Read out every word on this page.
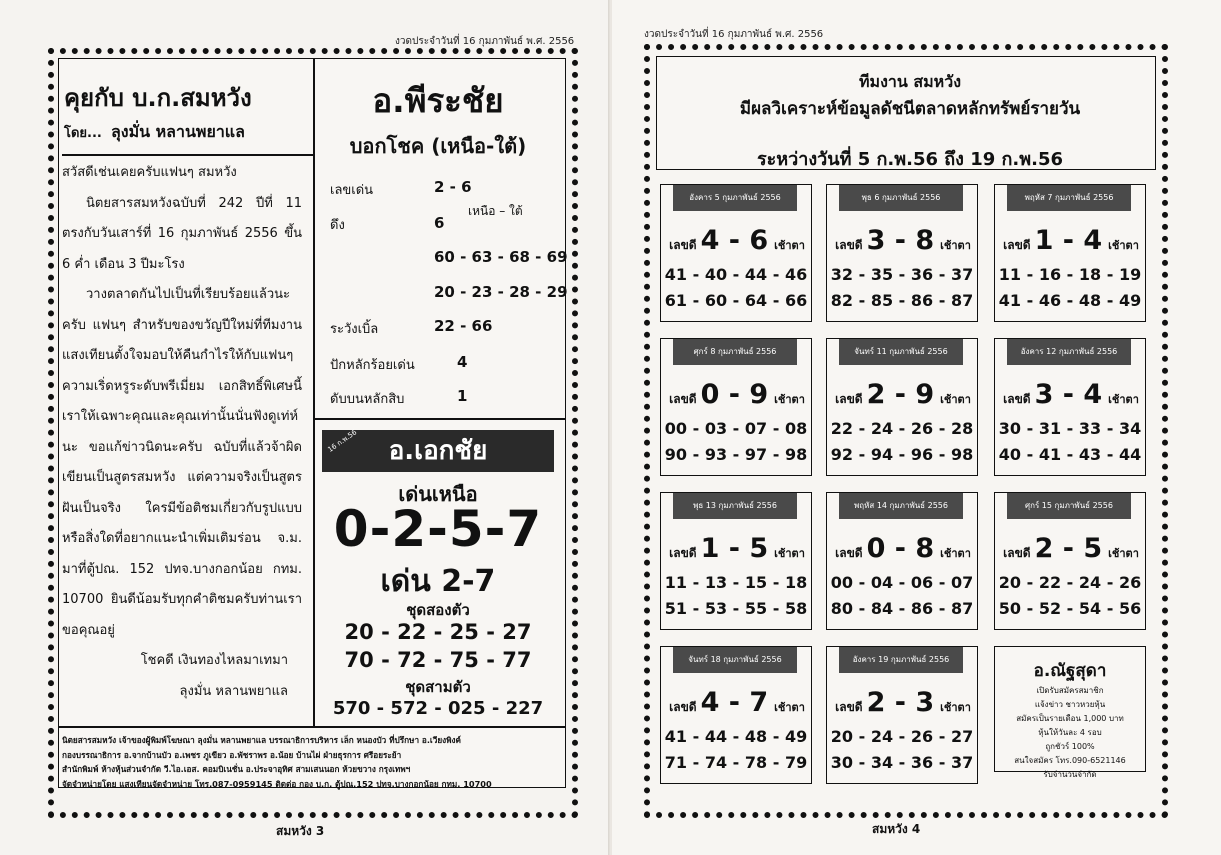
งวดประจำวันที่ 16 กุมภาพันธ์ พ.ศ. 2556
คุยกับ บ.ก.สมหวัง
โดย... ลุงมั่น หลานพยาแล
สวัสดีเช่นเคยครับแฟนๆ สมหวัง

นิตยสารสมหวังฉบับที่ 242 ปีที่ 11 ตรงกับวันเสาร์ที่ 16 กุมภาพันธ์ 2556 ขึ้น 6 ค่ำ เดือน 3 ปีมะโรง

วางตลาดกันไปเป็นที่เรียบร้อยแล้วนะครับ แฟนๆ สำหรับของขวัญปีใหม่ที่ทีมงานแสงเทียนตั้งใจมอบให้คืนกำไรให้กับแฟนๆ ความเริ่ดหรูระดับพรีเมี่ยม เอกสิทธิ์พิเศษนี้เราให้เฉพาะคุณและคุณเท่านั้นนั่นฟังดูเท่ห์นะ ขอแก้ข่าวนิดนะครับ ฉบับที่แล้วจ้าผิดเขียนเป็นสูตรสมหวัง แต่ความจริงเป็นสูตรฝันเป็นจริง ใครมีข้อติชมเกี่ยวกับรูปแบบหรือสิ่งใดที่อยากแนะนำเพิ่มเติมร่อน จ.ม. มาที่ตู้ปณ. 152 ปทจ.บางกอกน้อย กทม. 10700 ยินดีน้อมรับทุกคำติชมครับท่านเราขอคุณอยู่

โชคดี เงินทองไหลมาเทมา
ลุงมั่น หลานพยาแล
อ.พีระชัย
บอกโชค (เหนือ-ใต้)
เลขเด่น	2 - 6
เหนือ – ใต้
ดึง	6
60 - 63 - 68 - 69
20 - 23 - 28 - 29
ระวังเบิ้ล	22 - 66
ปักหลักร้อยเด่น	4
ดับบนหลักสิบ	1
อ.เอกชัย
16 ก.พ.56
เด่นเหนือ
0-2-5-7
เด่น 2-7
ชุดสองตัว
20 - 22 - 25 - 27
70 - 72 - 75 - 77
ชุดสามตัว
570 - 572 - 025 - 227
นิตยสารสมหวัง เจ้าของผู้พิมพ์โฆษณา ลุงมั่น หลานพยาแล บรรณาธิการบริหาร เล็ก หนองบัว ที่ปรึกษา อ.เวียงพิงค์
กองบรรณาธิการ อ.จากบ้านบัว อ.เพชร ภูเขียว อ.พัชราพร อ.น้อย บ้านไผ่ ฝ่ายธุรการ ศรีอยระย้า
สำนักพิมพ์ ห้างหุ้นส่วนจำกัด วี.ไอ.เอส. คอมบิเนชั่น อ.ประจาอุทิศ สามเสนนอก ห้วยขวาง กรุงเทพฯ
จัดจำหน่ายโดย แสงเทียนจัดจำหน่าย โทร.087-0959145 ติดต่อ กอง บ.ก. ตู้ปณ.152 ปทจ.บางกอกน้อย กทม. 10700
สมหวัง 3
งวดประจำวันที่ 16 กุมภาพันธ์ พ.ศ. 2556
ทีมงาน สมหวัง
มีผลวิเคราะห์ข้อมูลดัชนีตลาดหลักทรัพย์รายวัน
ระหว่างวันที่ 5 ก.พ.56 ถึง 19 ก.พ.56
อังคาร 5 กุมภาพันธ์ 2556
เลขดี 4 - 6 เช้าตา
41 - 40 - 44 - 46
61 - 60 - 64 - 66
พุธ 6 กุมภาพันธ์ 2556
เลขดี 3 - 8 เช้าตา
32 - 35 - 36 - 37
82 - 85 - 86 - 87
พฤหัส 7 กุมภาพันธ์ 2556
เลขดี 1 - 4 เช้าตา
11 - 16 - 18 - 19
41 - 46 - 48 - 49
ศุกร์ 8 กุมภาพันธ์ 2556
เลขดี 0 - 9 เช้าตา
00 - 03 - 07 - 08
90 - 93 - 97 - 98
จันทร์ 11 กุมภาพันธ์ 2556
เลขดี 2 - 9 เช้าตา
22 - 24 - 26 - 28
92 - 94 - 96 - 98
อังคาร 12 กุมภาพันธ์ 2556
เลขดี 3 - 4 เช้าตา
30 - 31 - 33 - 34
40 - 41 - 43 - 44
พุธ 13 กุมภาพันธ์ 2556
เลขดี 1 - 5 เช้าตา
11 - 13 - 15 - 18
51 - 53 - 55 - 58
พฤหัส 14 กุมภาพันธ์ 2556
เลขดี 0 - 8 เช้าตา
00 - 04 - 06 - 07
80 - 84 - 86 - 87
ศุกร์ 15 กุมภาพันธ์ 2556
เลขดี 2 - 5 เช้าตา
20 - 22 - 24 - 26
50 - 52 - 54 - 56
จันทร์ 18 กุมภาพันธ์ 2556
เลขดี 4 - 7 เช้าตา
41 - 44 - 48 - 49
71 - 74 - 78 - 79
อังคาร 19 กุมภาพันธ์ 2556
เลขดี 2 - 3 เช้าตา
20 - 24 - 26 - 27
30 - 34 - 36 - 37
อ.ณัฐสุดา
เปิดรับสมัครสมาชิก
แจ้งข่าว ชาวหวยหุ้น
สมัครเป็นรายเดือน 1,000 บาท
หุ้นให้วันละ 4 รอบ
ถูกชัวร์ 100%
สนใจสมัคร โทร.090-6521146
รับจำนวนจำกัด
สมหวัง 4
